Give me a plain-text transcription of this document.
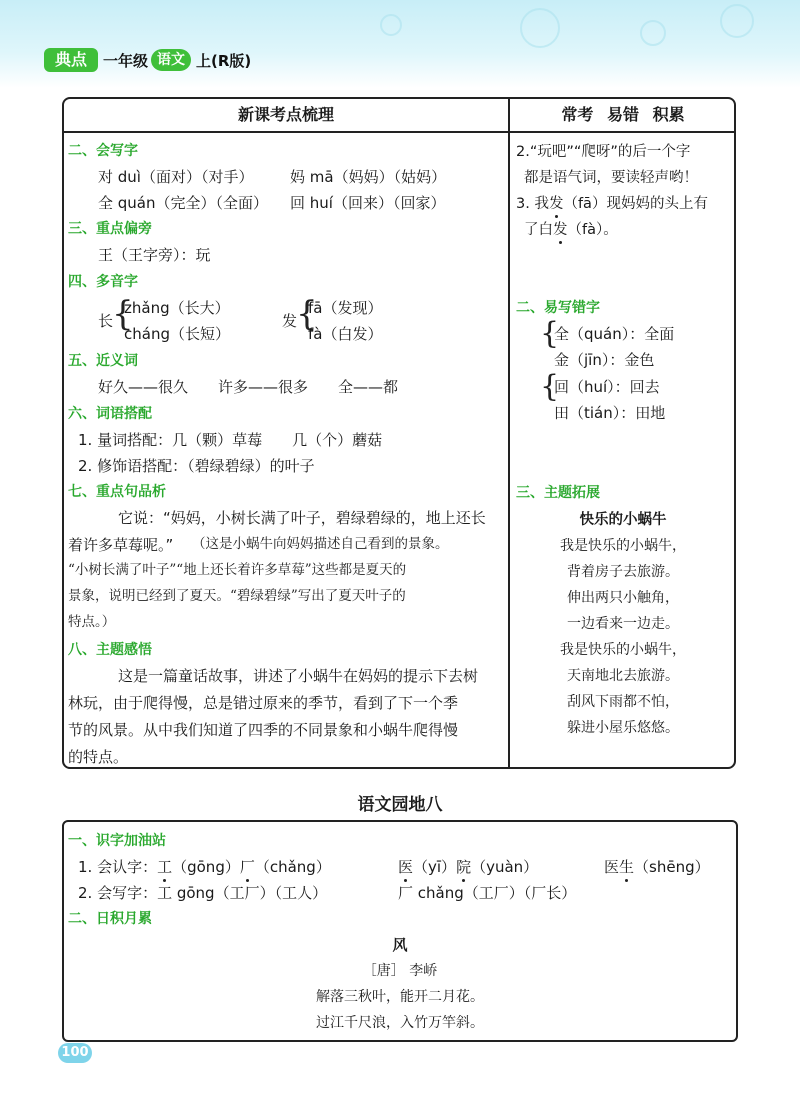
典点	一年级 语文 上(R版)
新课考点梳理	常考 易错 积累
二、会写字
对 duì（面对）（对手） 妈 mā（妈妈）（姑妈）
全 quán（完全）（全面） 回 huí（回来）（回家）
三、重点偏旁
王（王字旁）：玩
四、多音字
长
{
zhǎng（长大）
cháng（长短）
发
{
fā（发现）
fà（白发）
五、近义词
好久——很久　　许多——很多　　全——都
六、词语搭配
1. 量词搭配：几（颗）草莓　　几（个）蘑菇
2. 修饰语搭配：（碧绿碧绿）的叶子
七、重点句品析
它说：“妈妈，小树长满了叶子，碧绿碧绿的，地上还长
着许多草莓呢。” （这是小蜗牛向妈妈描述自己看到的景象。
“小树长满了叶子”“地上还长着许多草莓”这些都是夏天的
景象，说明已经到了夏天。“碧绿碧绿”写出了夏天叶子的
特点。）
八、主题感悟
这是一篇童话故事，讲述了小蜗牛在妈妈的提示下去树
林玩，由于爬得慢，总是错过原来的季节，看到了下一个季
节的风景。从中我们知道了四季的不同景象和小蜗牛爬得慢
的特点。
2.“玩吧”“爬呀”的后一个字
都是语气词，要读轻声哟！
3. 我发（fā）现妈妈的头上有
了白发（fà）。
二、易写错字
{
全（quán）：全面
金（jīn）：金色
{
回（huí）：回去
田（tián）：田地
三、主题拓展
快乐的小蜗牛
我是快乐的小蜗牛，
背着房子去旅游。
伸出两只小触角，
一边看来一边走。
我是快乐的小蜗牛，
天南地北去旅游。
刮风下雨都不怕，
躲进小屋乐悠悠。
语文园地八
一、识字加油站
1. 会认字：工（gōng）厂（chǎng）	医（yī）院（yuàn）	医生（shēng）
2. 会写字：工 gōng（工厂）（工人）	厂 chǎng（工厂）（厂长）
二、日积月累
风
［唐］ 李峤
解落三秋叶，能开二月花。
过江千尺浪，入竹万竿斜。
100
